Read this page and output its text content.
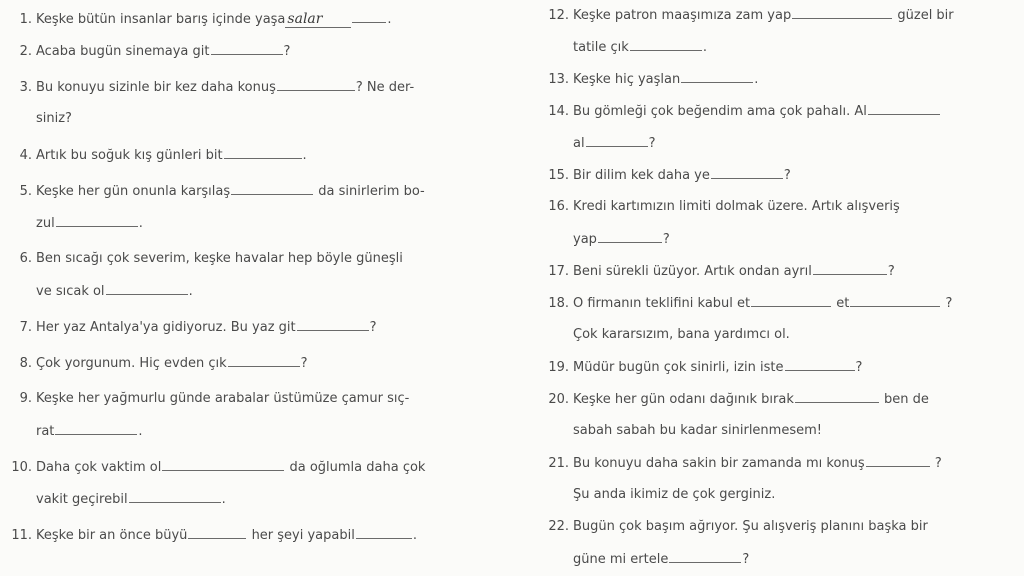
1. Keşke bütün insanlar barış içinde yaşa salar	.
2. Acaba bugün sinemaya git	?
3. Bu konuyu sizinle bir kez daha konuş	? Ne der-
siniz?
4. Artık bu soğuk kış günleri bit	.
5. Keşke her gün onunla karşılaş	da sinirlerim bo-
zul	.
6. Ben sıcağı çok severim, keşke havalar hep böyle güneşli
ve sıcak ol	.
7. Her yaz Antalya'ya gidiyoruz. Bu yaz git	?
8. Çok yorgunum. Hiç evden çık	?
9. Keşke her yağmurlu günde arabalar üstümüze çamur sıç-
rat	.
10. Daha çok vaktim ol	da oğlumla daha çok
vakit geçirebil	.
11. Keşke bir an önce büyü	her şeyi yapabil	.
12. Keşke patron maaşımıza zam yap	güzel bir
tatile çık	.
13. Keşke hiç yaşlan	.
14. Bu gömleği çok beğendim ama çok pahalı. Al
al	?
15. Bir dilim kek daha ye	?
16. Kredi kartımızın limiti dolmak üzere. Artık alışveriş
yap	?
17. Beni sürekli üzüyor. Artık ondan ayrıl	?
18. O firmanın teklifini kabul et	et	?
Çok kararsızım, bana yardımcı ol.
19. Müdür bugün çok sinirli, izin iste	?
20. Keşke her gün odanı dağınık bırak	ben de
sabah sabah bu kadar sinirlenmesem!
21. Bu konuyu daha sakin bir zamanda mı konuş	?
Şu anda ikimiz de çok gerginiz.
22. Bugün çok başım ağrıyor. Şu alışveriş planını başka bir
güne mi ertele	?
